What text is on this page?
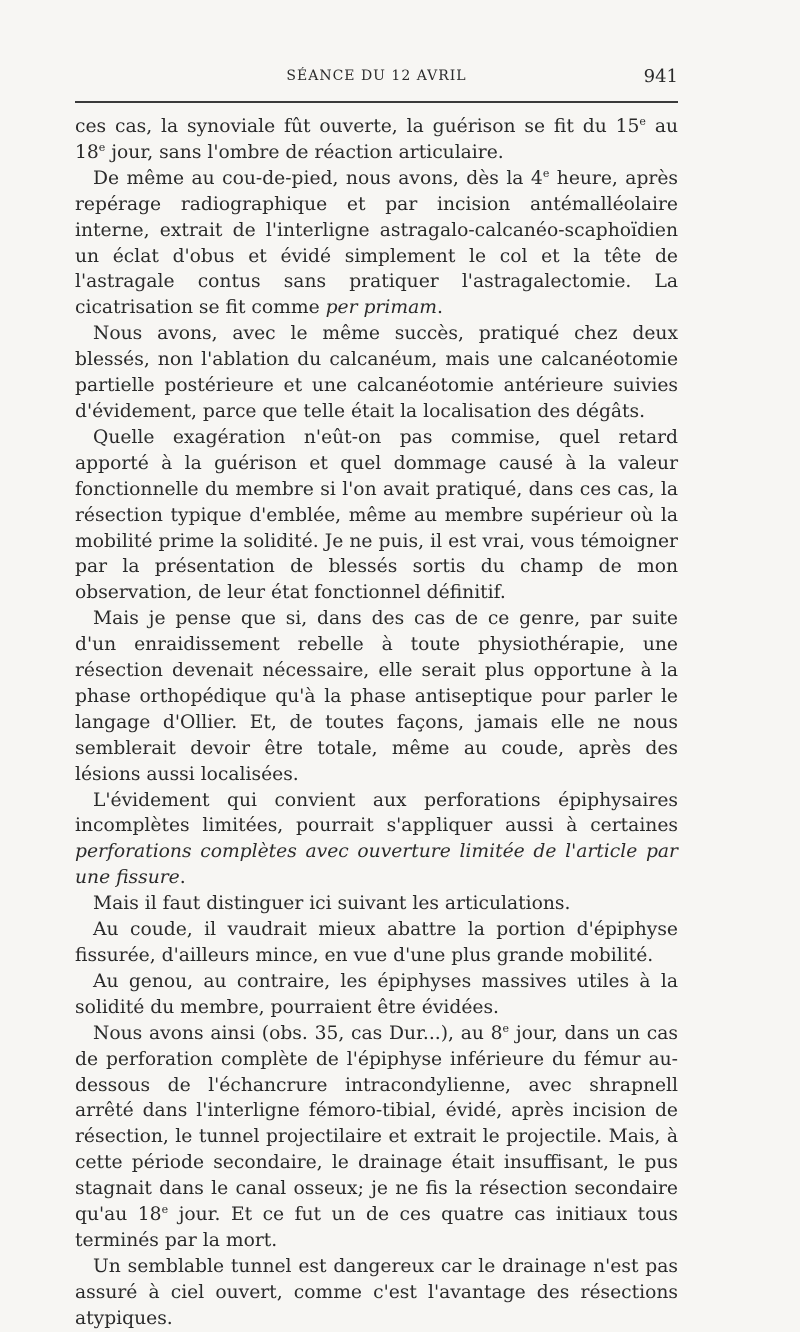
SÉANCE DU 12 AVRIL	941

ces cas, la synoviale fût ouverte, la guérison se fit du 15e au 18e jour, sans l'ombre de réaction articulaire.

De même au cou-de-pied, nous avons, dès la 4e heure, après repérage radiographique et par incision antémalléolaire interne, extrait de l'interligne astragalo-calcanéo-scaphoïdien un éclat d'obus et évidé simplement le col et la tête de l'astragale contus sans pratiquer l'astragalectomie. La cicatrisation se fit comme per primam.

Nous avons, avec le même succès, pratiqué chez deux blessés, non l'ablation du calcanéum, mais une calcanéotomie partielle postérieure et une calcanéotomie antérieure suivies d'évidement, parce que telle était la localisation des dégâts.

Quelle exagération n'eût-on pas commise, quel retard apporté à la guérison et quel dommage causé à la valeur fonctionnelle du membre si l'on avait pratiqué, dans ces cas, la résection typique d'emblée, même au membre supérieur où la mobilité prime la solidité. Je ne puis, il est vrai, vous témoigner par la présentation de blessés sortis du champ de mon observation, de leur état fonctionnel définitif.

Mais je pense que si, dans des cas de ce genre, par suite d'un enraidissement rebelle à toute physiothérapie, une résection devenait nécessaire, elle serait plus opportune à la phase orthopédique qu'à la phase antiseptique pour parler le langage d'Ollier. Et, de toutes façons, jamais elle ne nous semblerait devoir être totale, même au coude, après des lésions aussi localisées.

L'évidement qui convient aux perforations épiphysaires incomplètes limitées, pourrait s'appliquer aussi à certaines perforations complètes avec ouverture limitée de l'article par une fissure.

Mais il faut distinguer ici suivant les articulations.

Au coude, il vaudrait mieux abattre la portion d'épiphyse fissurée, d'ailleurs mince, en vue d'une plus grande mobilité.

Au genou, au contraire, les épiphyses massives utiles à la solidité du membre, pourraient être évidées.

Nous avons ainsi (obs. 35, cas Dur...), au 8e jour, dans un cas de perforation complète de l'épiphyse inférieure du fémur au-dessous de l'échancrure intracondylienne, avec shrapnell arrêté dans l'interligne fémoro-tibial, évidé, après incision de résection, le tunnel projectilaire et extrait le projectile. Mais, à cette période secondaire, le drainage était insuffisant, le pus stagnait dans le canal osseux; je ne fis la résection secondaire qu'au 18e jour. Et ce fut un de ces quatre cas initiaux tous terminés par la mort.

Un semblable tunnel est dangereux car le drainage n'est pas assuré à ciel ouvert, comme c'est l'avantage des résections atypiques.
